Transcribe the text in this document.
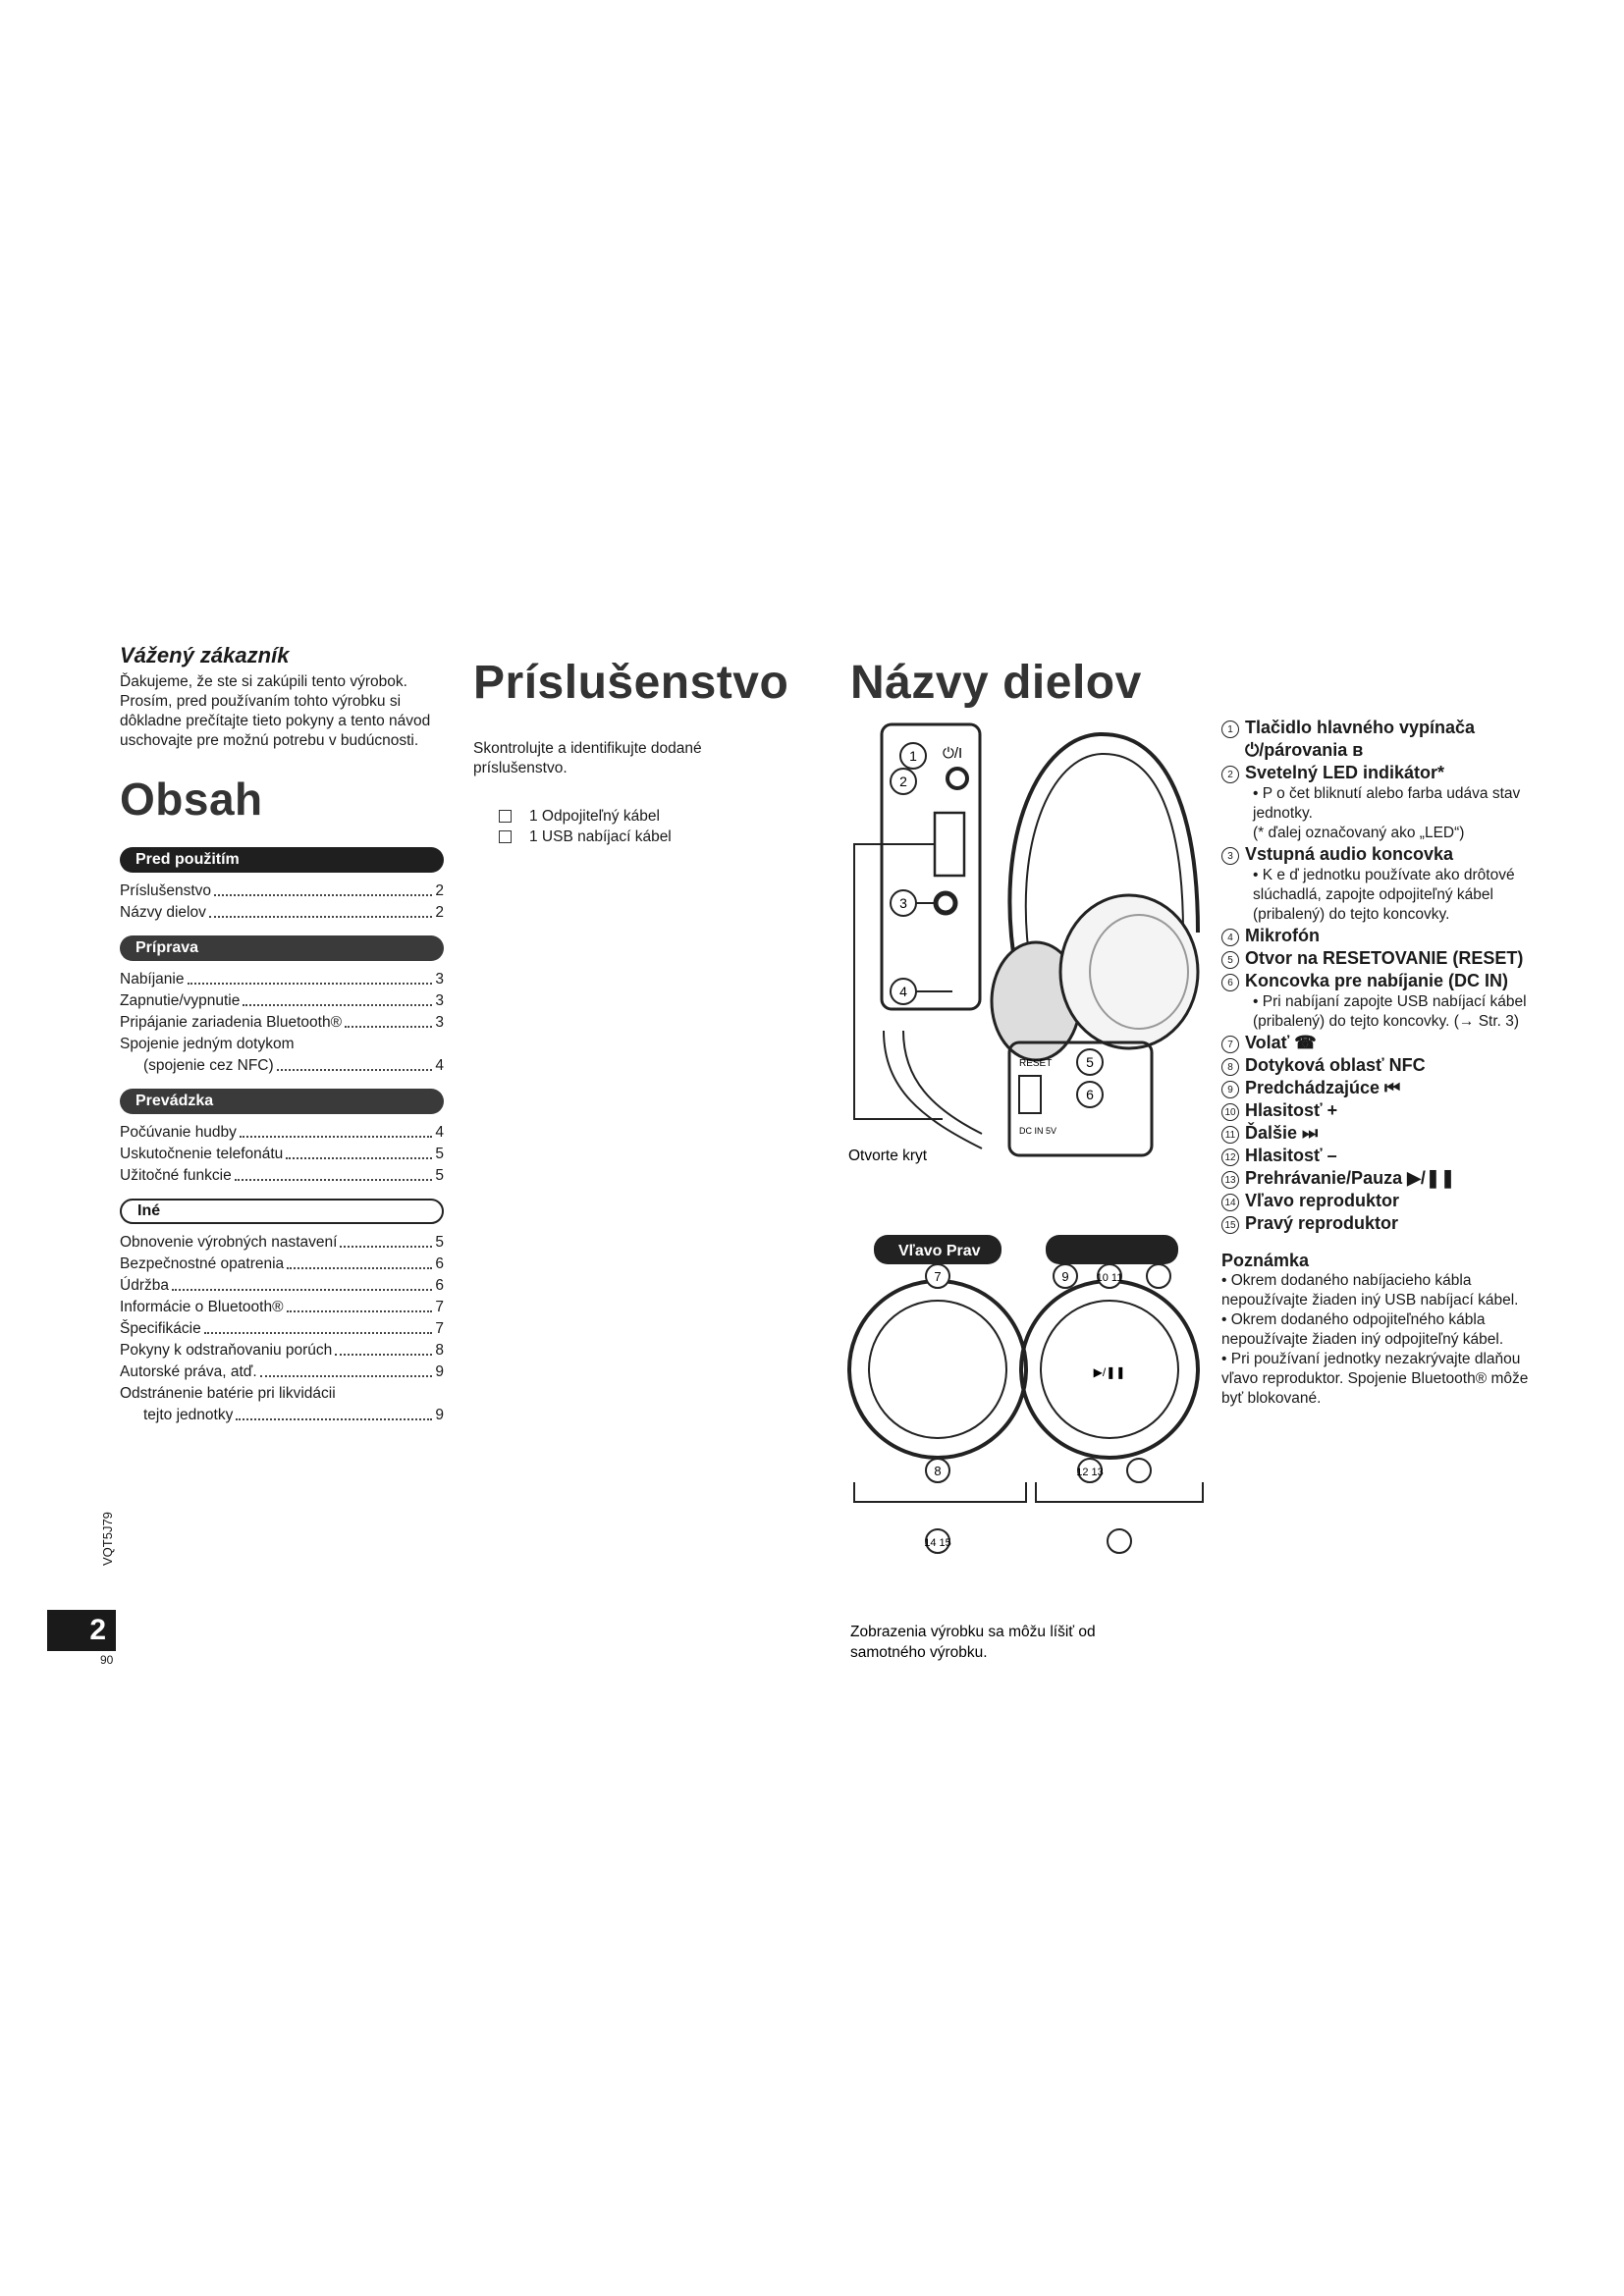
Vážený zákazník

Ďakujeme, že ste si zakúpili tento výrobok. Prosím, pred používaním tohto výrobku si dôkladne prečítajte tieto pokyny a tento návod uschovajte pre možnú potrebu v budúcnosti.

Obsah
Pred použitím
Príslušenstvo	2
Názvy dielov	2
Príprava
Nabíjanie	3
Zapnutie/vypnutie	3
Pripájanie zariadenia Bluetooth®	3
Spojenie jedným dotykom
(spojenie cez NFC)	4
Prevádzka
Počúvanie hudby	4
Uskutočnenie telefonátu	5
Užitočné funkcie	5
Iné
Obnovenie výrobných nastavení	5
Bezpečnostné opatrenia	6
Údržba	6
Informácie o Bluetooth®	7
Špecifikácie	7
Pokyny k odstraňovaniu porúch	8
Autorské práva, atď.	9
Odstránenie batérie pri likvidácii
tejto jednotky	9
Príslušenstvo

Skontrolujte a identifikujte dodané príslušenstvo.

1 Odpojiteľný kábel
1 USB nabíjací kábel
Názvy dielov
1
2
⏻/I
3
4
RESET 5
6
DC IN 5V
Otvorte kryt
Vľavo Prav
7
8
▶/❚❚
9	10 11
12 13
14 15
Zobrazenia výrobku sa môžu líšiť od
samotného výrobku.
1 Tlačidlo hlavného vypínača ⏻/párovania ʙ
2 Svetelný LED indikátor*
• P o čet bliknutí alebo farba udáva stav jednotky.
(* ďalej označovaný ako „LED“)
3 Vstupná audio koncovka
• K e ď jednotku používate ako drôtové slúchadlá, zapojte odpojiteľný kábel (pribalený) do tejto koncovky.
4 Mikrofón
5 Otvor na RESETOVANIE (RESET)
6 Koncovka pre nabíjanie (DC IN)
• Pri nabíjaní zapojte USB nabíjací kábel (pribalený) do tejto koncovky. (→ Str. 3)
7 Volať ☎
8 Dotyková oblasť NFC
9 Predchádzajúce ⏮
10 Hlasitosť +
11 Ďalšie ⏭
12 Hlasitosť –
13 Prehrávanie/Pauza ▶/❚❚
14 Vľavo reproduktor
15 Pravý reproduktor
Poznámka
• Okrem dodaného nabíjacieho kábla nepoužívajte žiaden iný USB nabíjací kábel.
• Okrem dodaného odpojiteľného kábla nepoužívajte žiaden iný odpojiteľný kábel.
• Pri používaní jednotky nezakrývajte dlaňou vľavo reproduktor. Spojenie Bluetooth® môže byť blokované.
VQT5J79
2
90
